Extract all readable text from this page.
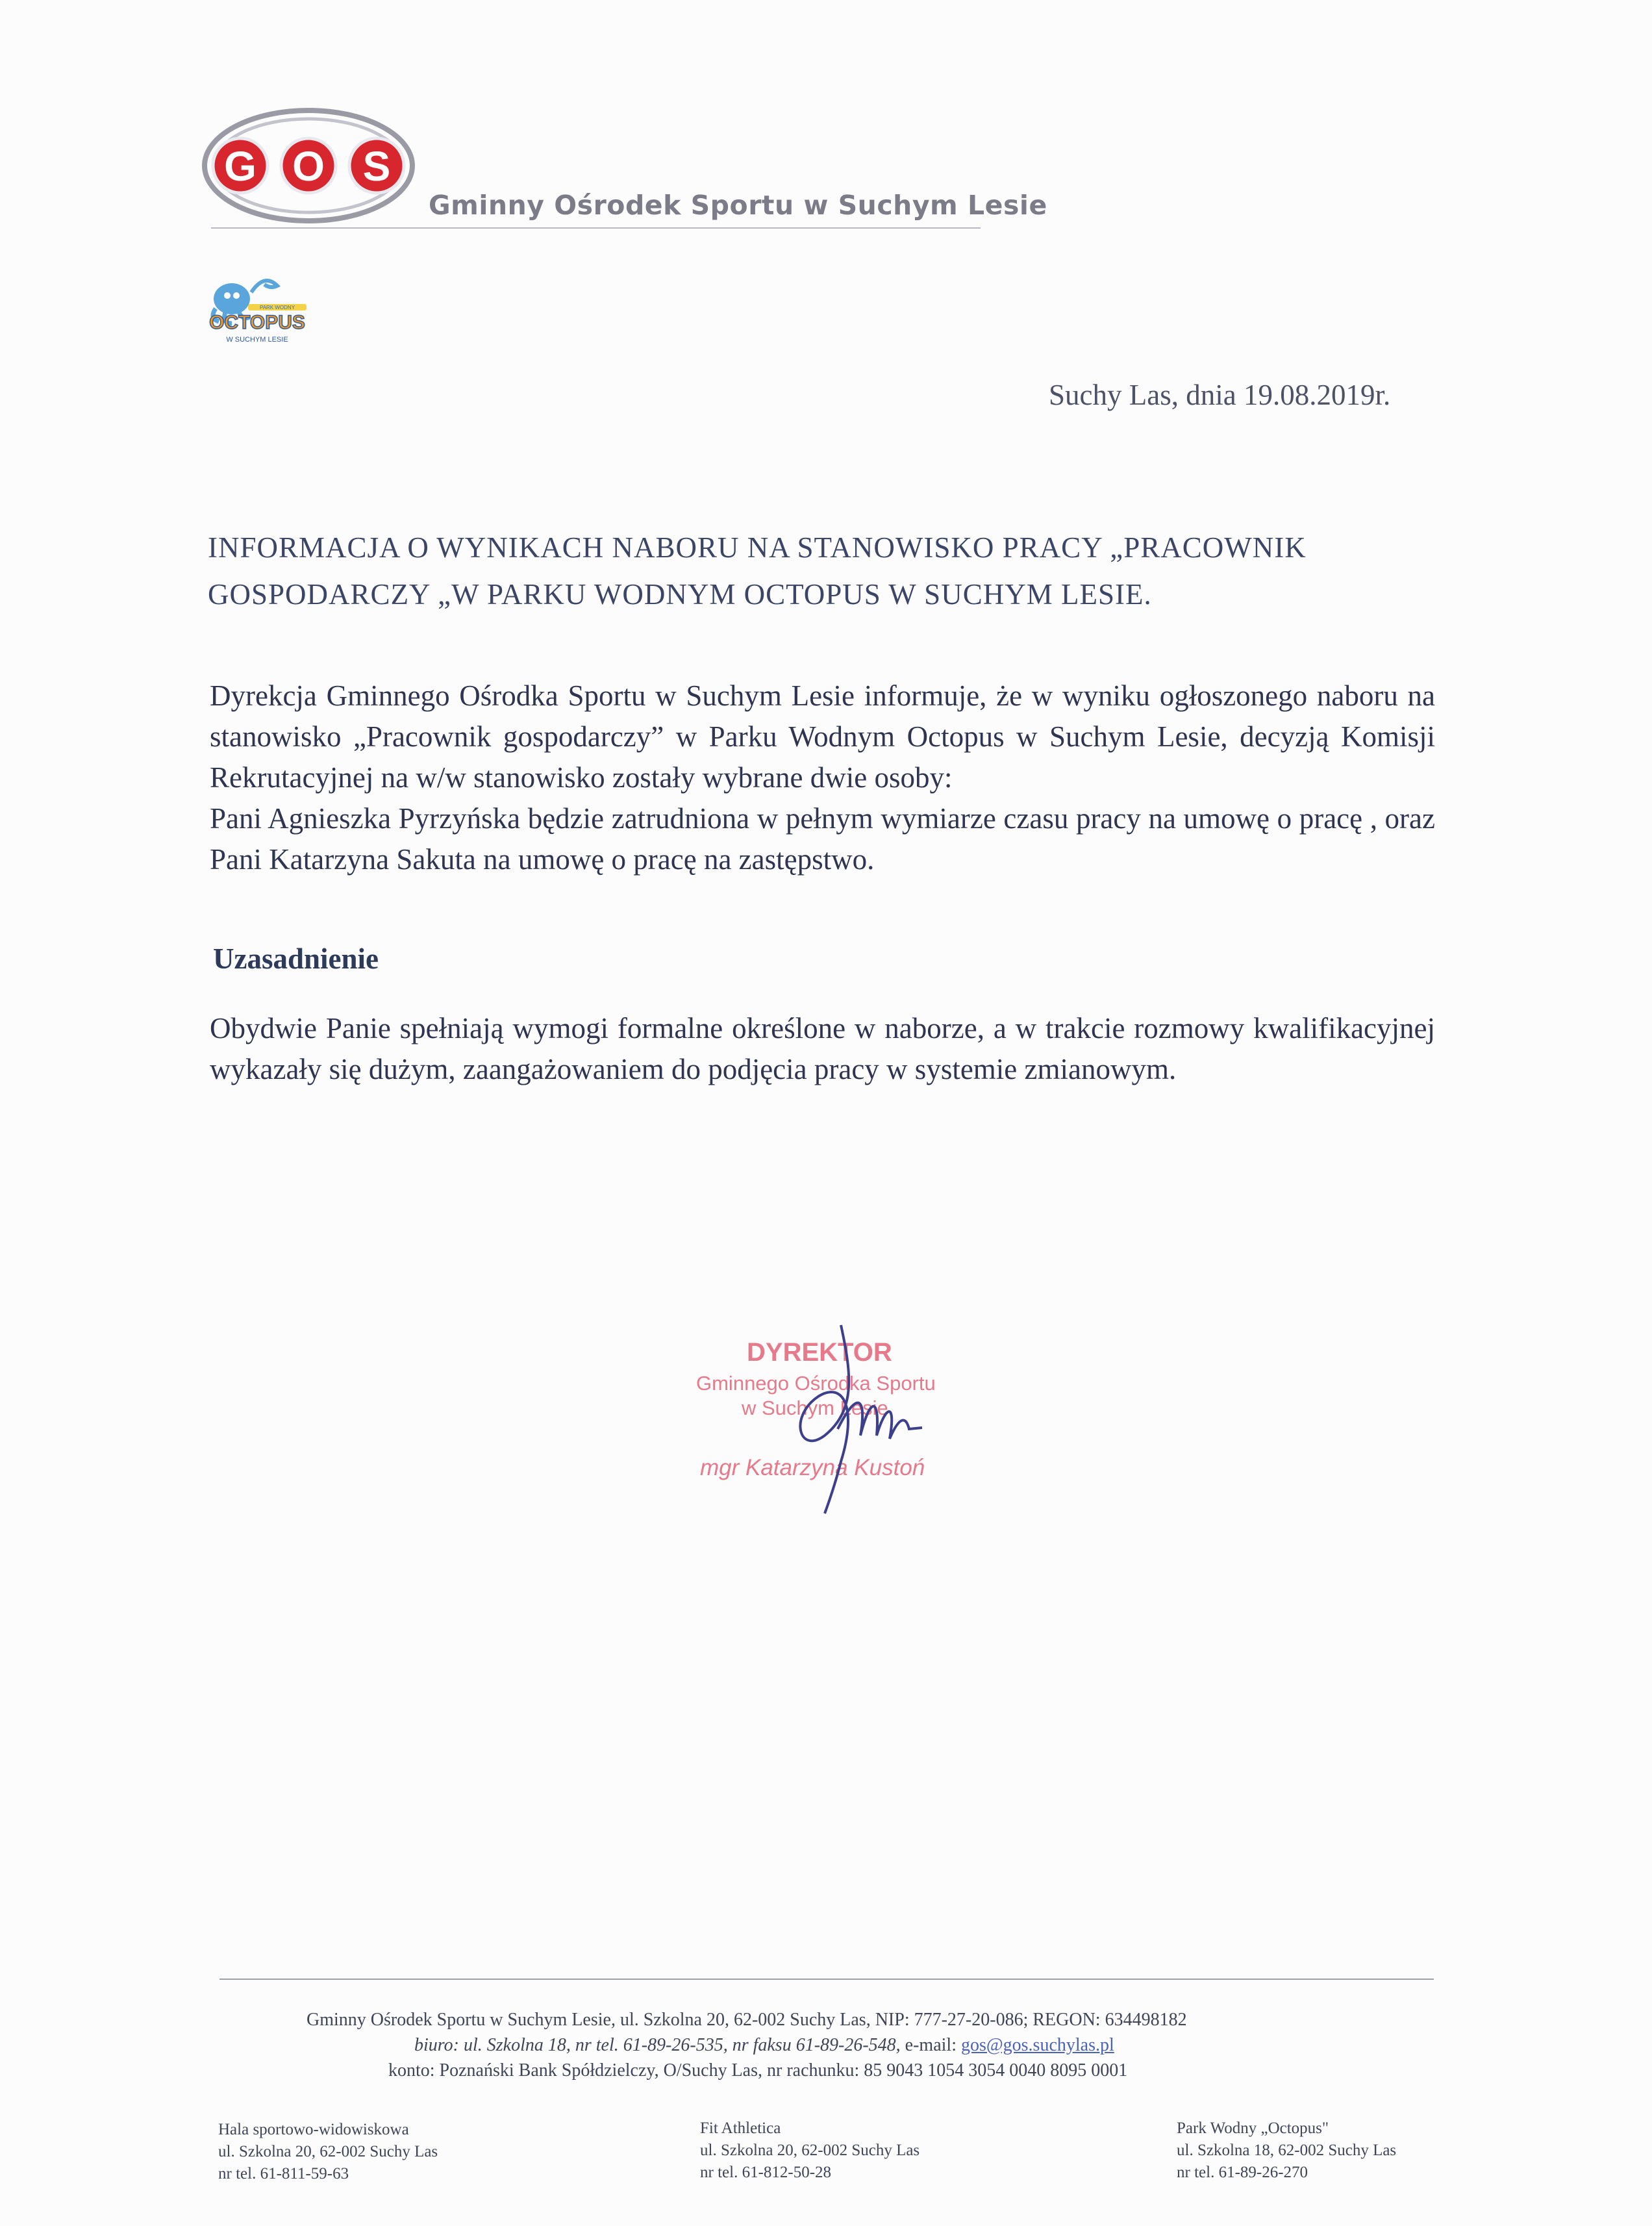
G O S
Gminny Ośrodek Sportu w Suchym Lesie
PARK WODNY
OCTOPUS
W SUCHYM LESIE
Suchy Las, dnia 19.08.2019r.
INFORMACJA O WYNIKACH NABORU NA STANOWISKO PRACY „PRACOWNIK
GOSPODARCZY „W PARKU WODNYM OCTOPUS W SUCHYM LESIE.

Dyrekcja Gminnego Ośrodka Sportu w Suchym Lesie informuje, że w wyniku ogłoszonego naboru na stanowisko „Pracownik gospodarczy” w Parku Wodnym Octopus w Suchym Lesie, decyzją Komisji Rekrutacyjnej na w/w stanowisko zostały wybrane dwie osoby:

Pani Agnieszka Pyrzyńska będzie zatrudniona w pełnym wymiarze czasu pracy na umowę o pracę , oraz Pani Katarzyna Sakuta na umowę o pracę na zastępstwo.

Uzasadnienie

Obydwie Panie spełniają wymogi formalne określone w naborze, a w trakcie rozmowy kwalifikacyjnej wykazały się dużym, zaangażowaniem do podjęcia pracy w systemie zmianowym.

DYREKTOR
Gminnego Ośrodka Sportu
w Suchym Lesie
mgr Katarzyna Kustoń
Gminny Ośrodek Sportu w Suchym Lesie, ul. Szkolna 20, 62-002 Suchy Las, NIP: 777-27-20-086; REGON: 634498182
biuro: ul. Szkolna 18, nr tel. 61-89-26-535, nr faksu 61-89-26-548, e-mail: gos@gos.suchylas.pl
konto: Poznański Bank Spółdzielczy, O/Suchy Las, nr rachunku: 85 9043 1054 3054 0040 8095 0001
Hala sportowo-widowiskowa
ul. Szkolna 20, 62-002 Suchy Las
nr tel. 61-811-59-63
Fit Athletica
ul. Szkolna 20, 62-002 Suchy Las
nr tel. 61-812-50-28
Park Wodny „Octopus"
ul. Szkolna 18, 62-002 Suchy Las
nr tel. 61-89-26-270
